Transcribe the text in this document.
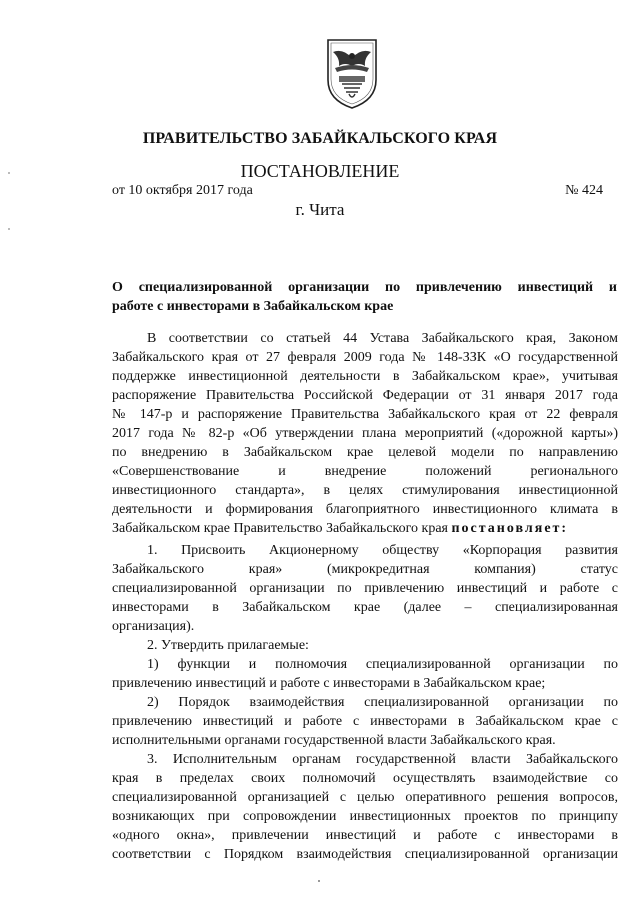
ПРАВИТЕЛЬСТВО ЗАБАЙКАЛЬСКОГО КРАЯ
ПОСТАНОВЛЕНИЕ
от 10 октября 2017 года	№ 424
г. Чита
О специализированной организации по привлечению инвестиций и
работе с инвесторами в Забайкальском крае
В соответствии со статьей 44 Устава Забайкальского края, Законом
Забайкальского края от 27 февраля 2009 года № 148-ЗЗК «О государственной
поддержке инвестиционной деятельности в Забайкальском крае», учитывая
распоряжение Правительства Российской Федерации от 31 января 2017 года
№ 147-р и распоряжение Правительства Забайкальского края от 22 февраля
2017 года № 82-р «Об утверждении плана мероприятий («дорожной карты»)
по внедрению в Забайкальском крае целевой модели по направлению
«Совершенствование и внедрение положений регионального
инвестиционного стандарта», в целях стимулирования инвестиционной
деятельности и формирования благоприятного инвестиционного климата в
Забайкальском крае Правительство Забайкальского края постановляет:
1. Присвоить Акционерному обществу «Корпорация развития
Забайкальского края» (микрокредитная компания) статус
специализированной организации по привлечению инвестиций и работе с
инвесторами в Забайкальском крае (далее – специализированная
организация).
2. Утвердить прилагаемые:
1) функции и полномочия специализированной организации по
привлечению инвестиций и работе с инвесторами в Забайкальском крае;
2) Порядок взаимодействия специализированной организации по
привлечению инвестиций и работе с инвесторами в Забайкальском крае с
исполнительными органами государственной власти Забайкальского края.
3. Исполнительным органам государственной власти Забайкальского
края в пределах своих полномочий осуществлять взаимодействие со
специализированной организацией с целью оперативного решения вопросов,
возникающих при сопровождении инвестиционных проектов по принципу
«одного окна», привлечении инвестиций и работе с инвесторами в
соответствии с Порядком взаимодействия специализированной организации
